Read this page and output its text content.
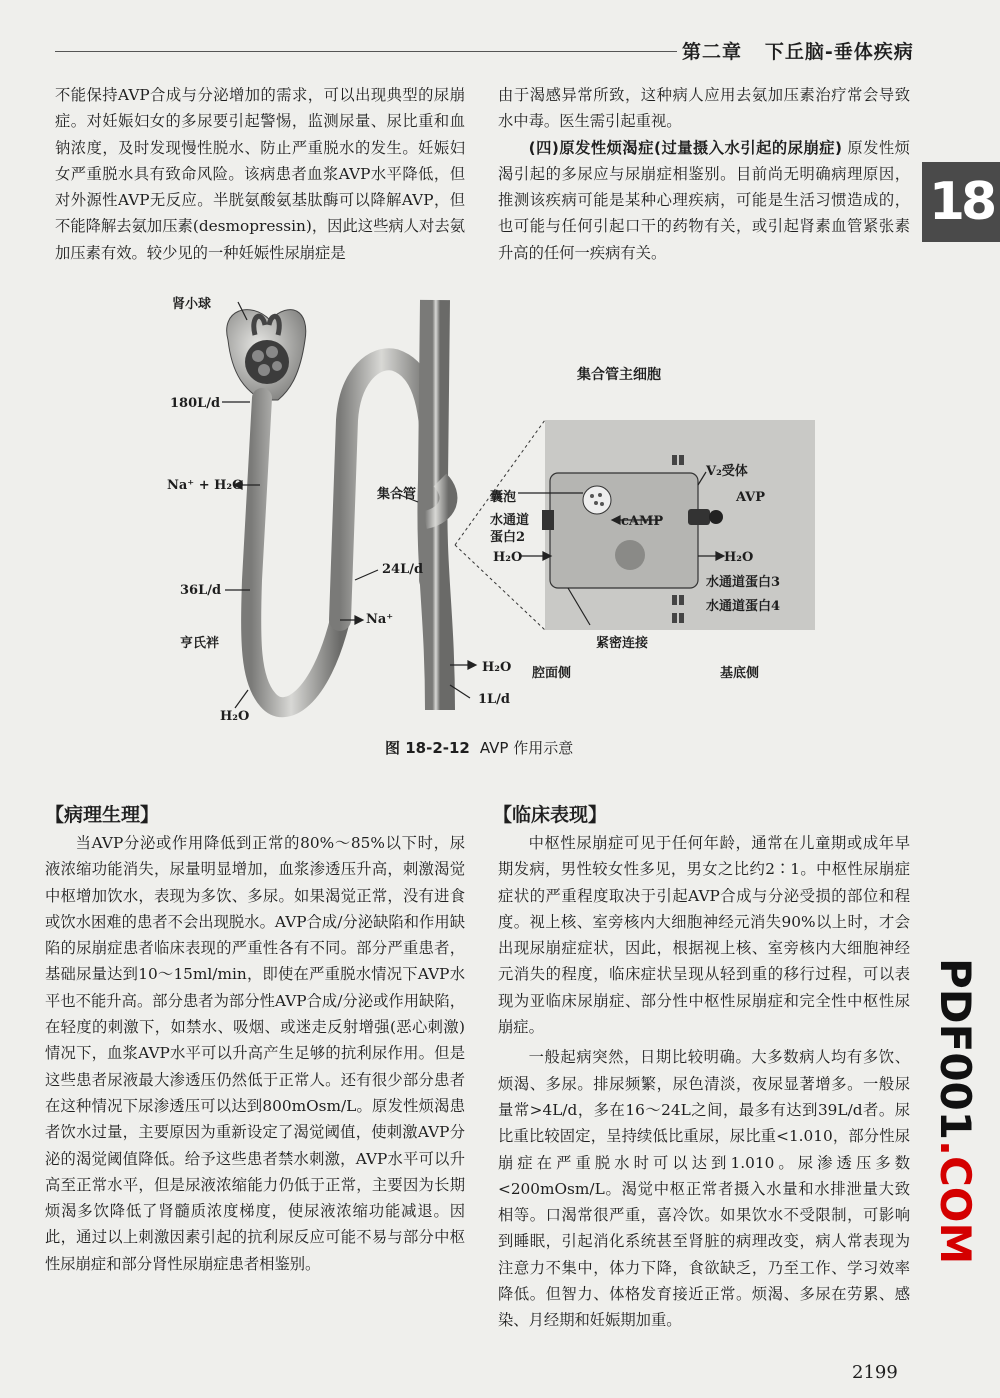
第二章 下丘脑-垂体疾病
18

不能保持AVP合成与分泌增加的需求，可以出现典型的尿崩症。对妊娠妇女的多尿要引起警惕，监测尿量、尿比重和血钠浓度，及时发现慢性脱水、防止严重脱水的发生。妊娠妇女严重脱水具有致命风险。该病患者血浆AVP水平降低，但对外源性AVP无反应。半胱氨酸氨基肽酶可以降解AVP，但不能降解去氨加压素(desmopressin)，因此这些病人对去氨加压素有效。较少见的一种妊娠性尿崩症是

由于渴感异常所致，这种病人应用去氨加压素治疗常会导致水中毒。医生需引起重视。

(四)原发性烦渴症(过量摄入水引起的尿崩症) 原发性烦渴引起的多尿应与尿崩症相鉴别。目前尚无明确病理原因，推测该疾病可能是某种心理疾病，可能是生活习惯造成的，也可能与任何引起口干的药物有关，或引起肾素血管紧张素升高的任何一疾病有关。

肾小球
180L/d
Na⁺ + H₂O
集合管
24L/d
36L/d
Na⁺
亨氏袢
H₂O
H₂O
1L/d
集合管主细胞
V₂受体
AVP
囊泡
水通道蛋白2
cAMP
H₂O	H₂O
水通道蛋白3
水通道蛋白4
紧密连接
腔面侧	基底侧
图 18-2-12 AVP 作用示意
【病理生理】	【临床表现】

当AVP分泌或作用降低到正常的80%～85%以下时，尿液浓缩功能消失，尿量明显增加，血浆渗透压升高，刺激渴觉中枢增加饮水，表现为多饮、多尿。如果渴觉正常，没有进食或饮水困难的患者不会出现脱水。AVP合成/分泌缺陷和作用缺陷的尿崩症患者临床表现的严重性各有不同。部分严重患者，基础尿量达到10～15ml/min，即使在严重脱水情况下AVP水平也不能升高。部分患者为部分性AVP合成/分泌或作用缺陷，在轻度的刺激下，如禁水、吸烟、或迷走反射增强(恶心刺激)情况下，血浆AVP水平可以升高产生足够的抗利尿作用。但是这些患者尿液最大渗透压仍然低于正常人。还有很少部分患者在这种情况下尿渗透压可以达到800mOsm/L。原发性烦渴患者饮水过量，主要原因为重新设定了渴觉阈值，使刺激AVP分泌的渴觉阈值降低。给予这些患者禁水刺激，AVP水平可以升高至正常水平，但是尿液浓缩能力仍低于正常，主要因为长期烦渴多饮降低了肾髓质浓度梯度，使尿液浓缩功能减退。因此，通过以上刺激因素引起的抗利尿反应可能不易与部分中枢性尿崩症和部分肾性尿崩症患者相鉴别。

中枢性尿崩症可见于任何年龄，通常在儿童期或成年早期发病，男性较女性多见，男女之比约2∶1。中枢性尿崩症症状的严重程度取决于引起AVP合成与分泌受损的部位和程度。视上核、室旁核内大细胞神经元消失90%以上时，才会出现尿崩症症状，因此，根据视上核、室旁核内大细胞神经元消失的程度，临床症状呈现从轻到重的移行过程，可以表现为亚临床尿崩症、部分性中枢性尿崩症和完全性中枢性尿崩症。

一般起病突然，日期比较明确。大多数病人均有多饮、烦渴、多尿。排尿频繁，尿色清淡，夜尿显著增多。一般尿量常>4L/d，多在16～24L之间，最多有达到39L/d者。尿比重比较固定，呈持续低比重尿，尿比重<1.010，部分性尿崩症在严重脱水时可以达到1.010。尿渗透压多数<200mOsm/L。渴觉中枢正常者摄入水量和水排泄量大致相等。口渴常很严重，喜冷饮。如果饮水不受限制，可影响到睡眠，引起消化系统甚至肾脏的病理改变，病人常表现为注意力不集中，体力下降，食欲缺乏，乃至工作、学习效率降低。但智力、体格发育接近正常。烦渴、多尿在劳累、感染、月经期和妊娠期加重。

PDF001.COM
2199
